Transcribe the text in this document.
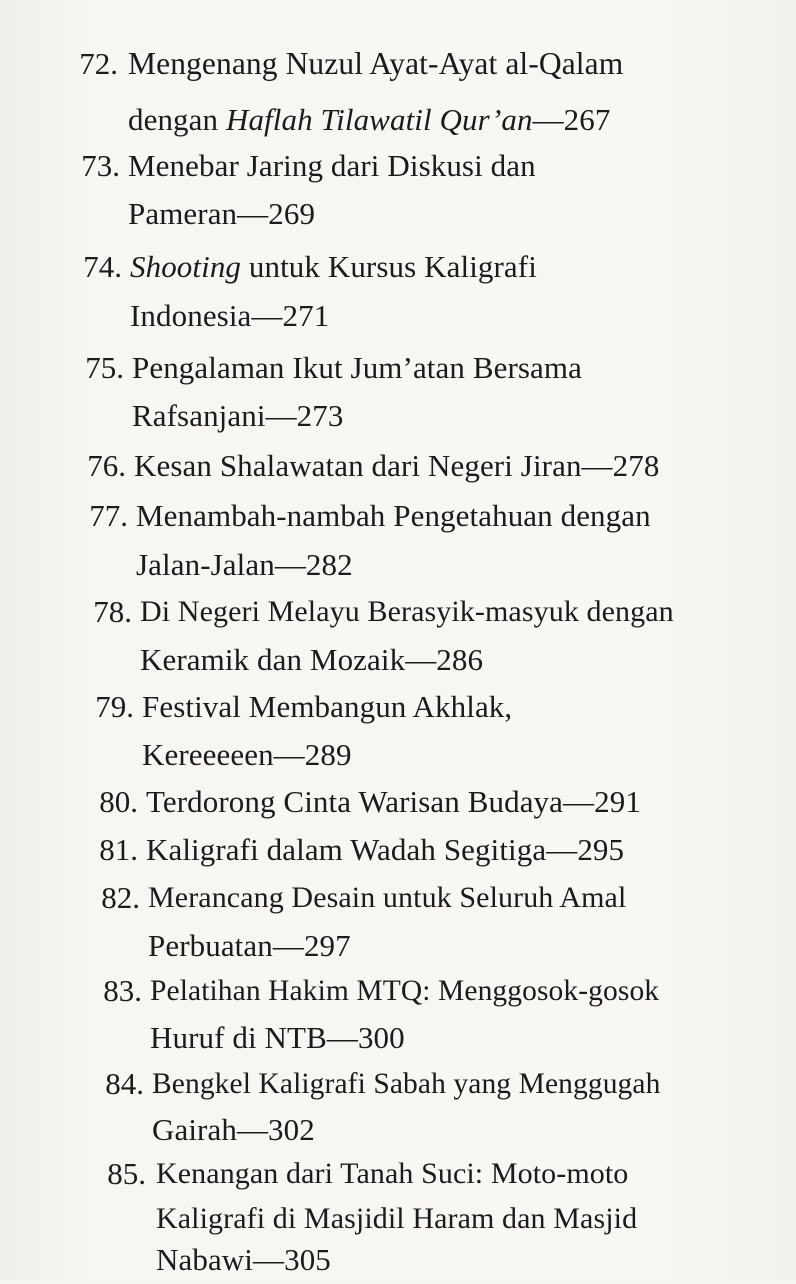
72. Mengenang Nuzul Ayat-Ayat al-Qalam
dengan Haflah Tilawatil Qur’an—267
73. Menebar Jaring dari Diskusi dan
Pameran—269
74. Shooting untuk Kursus Kaligrafi
Indonesia—271
75. Pengalaman Ikut Jum’atan Bersama
Rafsanjani—273
76. Kesan Shalawatan dari Negeri Jiran—278
77. Menambah-nambah Pengetahuan dengan
Jalan-Jalan—282
78. Di Negeri Melayu Berasyik-masyuk dengan
Keramik dan Mozaik—286
79. Festival Membangun Akhlak,
Kereeeeen—289
80. Terdorong Cinta Warisan Budaya—291
81. Kaligrafi dalam Wadah Segitiga—295
82. Merancang Desain untuk Seluruh Amal
Perbuatan—297
83. Pelatihan Hakim MTQ: Menggosok-gosok
Huruf di NTB—300
84. Bengkel Kaligrafi Sabah yang Menggugah
Gairah—302
85. Kenangan dari Tanah Suci: Moto-moto
Kaligrafi di Masjidil Haram dan Masjid
Nabawi—305
